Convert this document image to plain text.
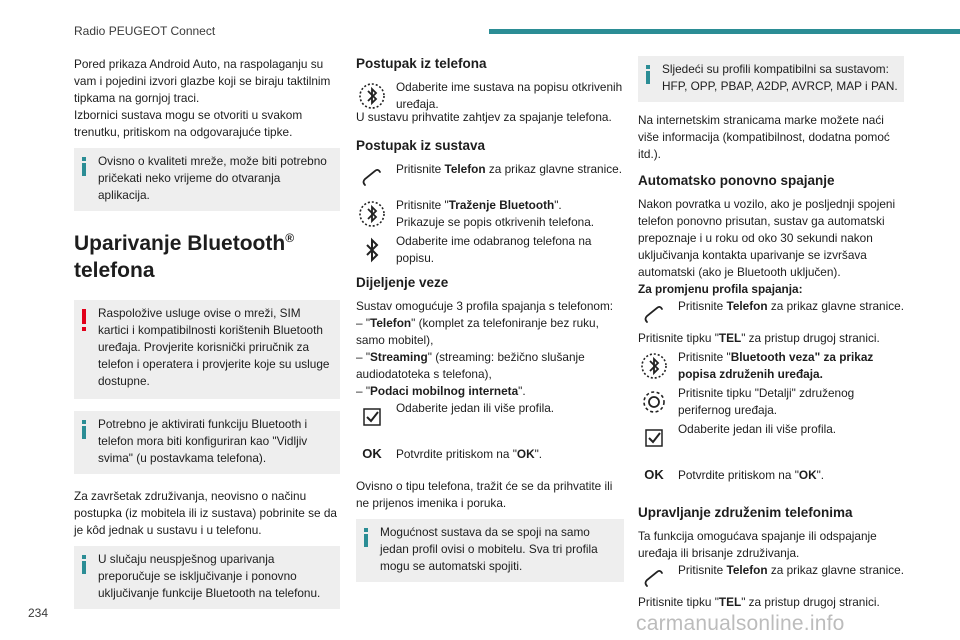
Radio PEUGEOT Connect

Pored prikaza Android Auto, na raspolaganju su vam i pojedini izvori glazbe koji se biraju taktilnim tipkama na gornjoj traci.

Izbornici sustava mogu se otvoriti u svakom trenutku, pritiskom na odgovarajuće tipke.

Ovisno o kvaliteti mreže, može biti potrebno pričekati neko vrijeme do otvaranja aplikacija.

Uparivanje Bluetooth®
telefona

Raspoložive usluge ovise o mreži, SIM kartici i kompatibilnosti korištenih Bluetooth uređaja. Provjerite korisnički priručnik za telefon i operatera i provjerite koje su usluge dostupne.

Potrebno je aktivirati funkciju Bluetooth i telefon mora biti konfiguriran kao "Vidljiv svima" (u postavkama telefona).

Za završetak združivanja, neovisno o načinu postupka (iz mobitela ili iz sustava) pobrinite se da je kôd jednak u sustavu i u telefonu.

U slučaju neuspješnog uparivanja preporučuje se isključivanje i ponovno uključivanje funkcije Bluetooth na telefonu.

Postupak iz telefona

Odaberite ime sustava na popisu otkrivenih uređaja.

U sustavu prihvatite zahtjev za spajanje telefona.

Postupak iz sustava

Pritisnite Telefon za prikaz glavne stranice.

Pritisnite "Traženje Bluetooth".
Prikazuje se popis otkrivenih telefona.

Odaberite ime odabranog telefona na popisu.

Dijeljenje veze

Sustav omogućuje 3 profila spajanja s telefonom:

– "Telefon" (komplet za telefoniranje bez ruku, samo mobitel),

– "Streaming" (streaming: bežično slušanje audiodatoteka s telefona),

– "Podaci mobilnog interneta".

Odaberite jedan ili više profila.

OK	Potvrdite pritiskom na "OK".

Ovisno o tipu telefona, tražit će se da prihvatite ili ne prijenos imenika i poruka.

Mogućnost sustava da se spoji na samo jedan profil ovisi o mobitelu. Sva tri profila mogu se automatski spojiti.

Sljedeći su profili kompatibilni sa sustavom: HFP, OPP, PBAP, A2DP, AVRCP, MAP i PAN.

Na internetskim stranicama marke možete naći više informacija (kompatibilnost, dodatna pomoć itd.).

Automatsko ponovno spajanje

Nakon povratka u vozilo, ako je posljednji spojeni telefon ponovno prisutan, sustav ga automatski prepoznaje i u roku od oko 30 sekundi nakon uključivanja kontakta uparivanje se izvršava automatski (ako je Bluetooth uključen).

Za promjenu profila spajanja:

Pritisnite Telefon za prikaz glavne stranice.

Pritisnite tipku "TEL" za pristup drugoj stranici.

Pritisnite "Bluetooth veza" za prikaz popisa združenih uređaja.

Pritisnite tipku "Detalji" združenog perifernog uređaja.

Odaberite jedan ili više profila.

OK	Potvrdite pritiskom na "OK".

Upravljanje združenim telefonima

Ta funkcija omogućava spajanje ili odspajanje uređaja ili brisanje združivanja.

Pritisnite Telefon za prikaz glavne stranice.

Pritisnite tipku "TEL" za pristup drugoj stranici.

234	carmanualsonline.info
